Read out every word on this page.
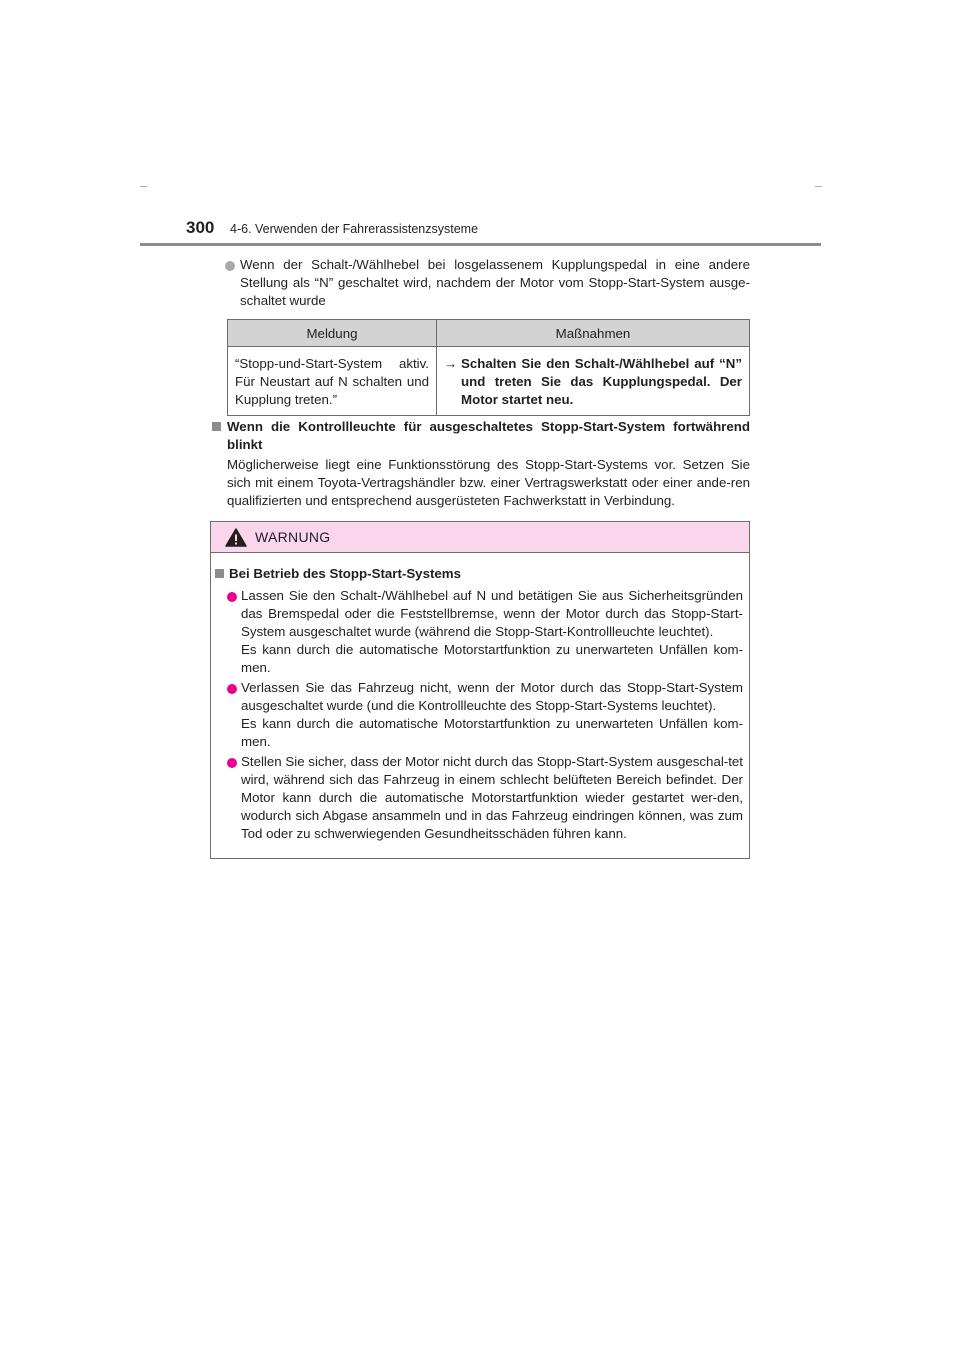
300 4-6. Verwenden der Fahrerassistenzsysteme
Wenn der Schalt-/Wählhebel bei losgelassenem Kupplungspedal in eine andere Stellung als “N” geschaltet wird, nachdem der Motor vom Stopp-Start-System ausge-schaltet wurde
Meldung	Maßnahmen
“Stopp-und-Start-System aktiv. Für Neustart auf N schalten und Kupplung treten.”	→ Schalten Sie den Schalt-/Wählhebel auf “N” und treten Sie das Kupplungspedal. Der Motor startet neu.
Wenn die Kontrollleuchte für ausgeschaltetes Stopp-Start-System fortwährend blinkt
Möglicherweise liegt eine Funktionsstörung des Stopp-Start-Systems vor. Setzen Sie sich mit einem Toyota-Vertragshändler bzw. einer Vertragswerkstatt oder einer ande-ren qualifizierten und entsprechend ausgerüsteten Fachwerkstatt in Verbindung.
WARNUNG
Bei Betrieb des Stopp-Start-Systems
Lassen Sie den Schalt-/Wählhebel auf N und betätigen Sie aus Sicherheitsgründen das Bremspedal oder die Feststellbremse, wenn der Motor durch das Stopp-Start-System ausgeschaltet wurde (während die Stopp-Start-Kontrollleuchte leuchtet).
Es kann durch die automatische Motorstartfunktion zu unerwarteten Unfällen kom-men.
Verlassen Sie das Fahrzeug nicht, wenn der Motor durch das Stopp-Start-System ausgeschaltet wurde (und die Kontrollleuchte des Stopp-Start-Systems leuchtet).
Es kann durch die automatische Motorstartfunktion zu unerwarteten Unfällen kom-men.
Stellen Sie sicher, dass der Motor nicht durch das Stopp-Start-System ausgeschal-tet wird, während sich das Fahrzeug in einem schlecht belüfteten Bereich befindet. Der Motor kann durch die automatische Motorstartfunktion wieder gestartet wer-den, wodurch sich Abgase ansammeln und in das Fahrzeug eindringen können, was zum Tod oder zu schwerwiegenden Gesundheitsschäden führen kann.
